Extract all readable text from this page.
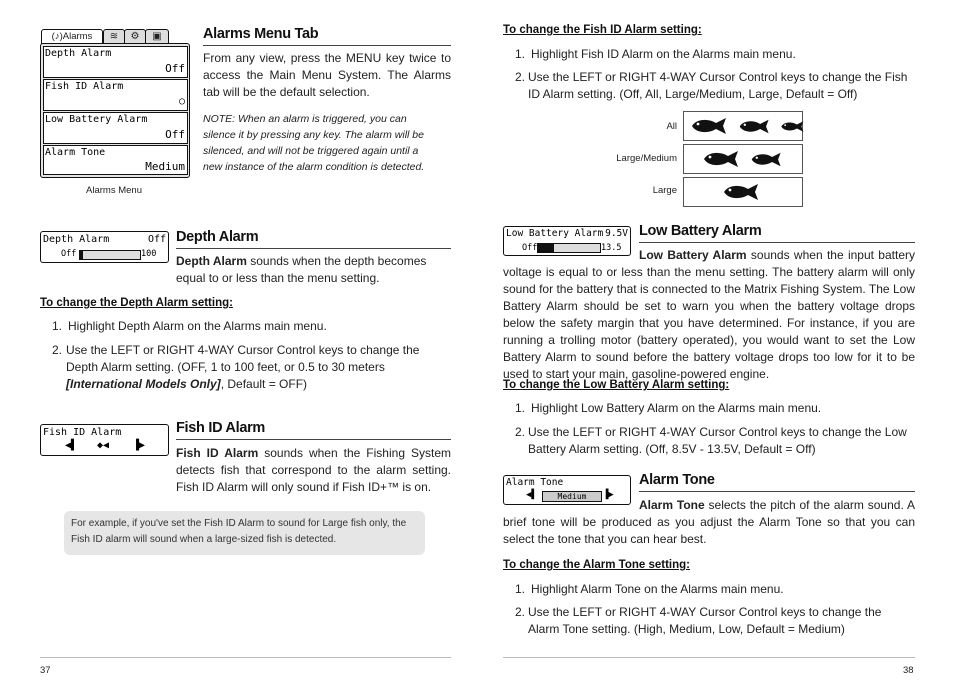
(♪)Alarms	≋	⚙	▣
Depth Alarm
Off
Fish ID Alarm
○
Low Battery Alarm
Off
Alarm Tone
Medium
Alarms Menu
Alarms Menu Tab
From any view, press the MENU key twice to access the Main Menu System. The Alarms tab will be the default selection.
NOTE: When an alarm is triggered, you can silence it by pressing any key. The alarm will be silenced, and will not be triggered again until a new instance of the alarm condition is detected.
Depth Alarm	Off
Off	100
Depth Alarm
Depth Alarm sounds when the depth becomes equal to or less than the menu setting.
To change the Depth Alarm setting:
1. Highlight Depth Alarm on the Alarms main menu.
2. Use the LEFT or RIGHT 4-WAY Cursor Control keys to change the Depth Alarm setting. (OFF, 1 to 100 feet, or 0.5 to 30 meters [International Models Only], Default = OFF)
Fish ID Alarm
◀▌ ◆◀ ▐▶
Fish ID Alarm
Fish ID Alarm sounds when the Fishing System detects fish that correspond to the alarm setting. Fish ID Alarm will only sound if Fish ID+™ is on.
For example, if you've set the Fish ID Alarm to sound for Large fish only, the Fish ID alarm will sound when a large-sized fish is detected.
37
To change the Fish ID Alarm setting:
1. Highlight Fish ID Alarm on the Alarms main menu.
2. Use the LEFT or RIGHT 4-WAY Cursor Control keys to change the Fish ID Alarm setting. (Off, All, Large/Medium, Large, Default = Off)
All
Large/Medium
Large
Low Battery Alarm 9.5V
Off	13.5
Low Battery Alarm
Low Battery Alarm sounds when the input battery voltage is equal to or less than the menu setting. The battery alarm will only sound for the battery that is connected to the Matrix Fishing System. The Low Battery Alarm should be set to warn you when the battery voltage drops below the safety margin that you have determined. For instance, if you are running a trolling motor (battery operated), you would want to set the Low Battery Alarm to sound before the battery voltage drops too low for it to be used to start your main, gasoline-powered engine.
To change the Low Battery Alarm setting:
1. Highlight Low Battery Alarm on the Alarms main menu.
2. Use the LEFT or RIGHT 4-WAY Cursor Control keys to change the Low Battery Alarm setting. (Off, 8.5V - 13.5V, Default = Off)
Alarm Tone
◀▌	Medium	▐▶
Alarm Tone
Alarm Tone selects the pitch of the alarm sound. A brief tone will be produced as you adjust the Alarm Tone so that you can select the tone that you can hear best.
To change the Alarm Tone setting:
1. Highlight Alarm Tone on the Alarms main menu.
2. Use the LEFT or RIGHT 4-WAY Cursor Control keys to change the Alarm Tone setting. (High, Medium, Low, Default = Medium)
38
